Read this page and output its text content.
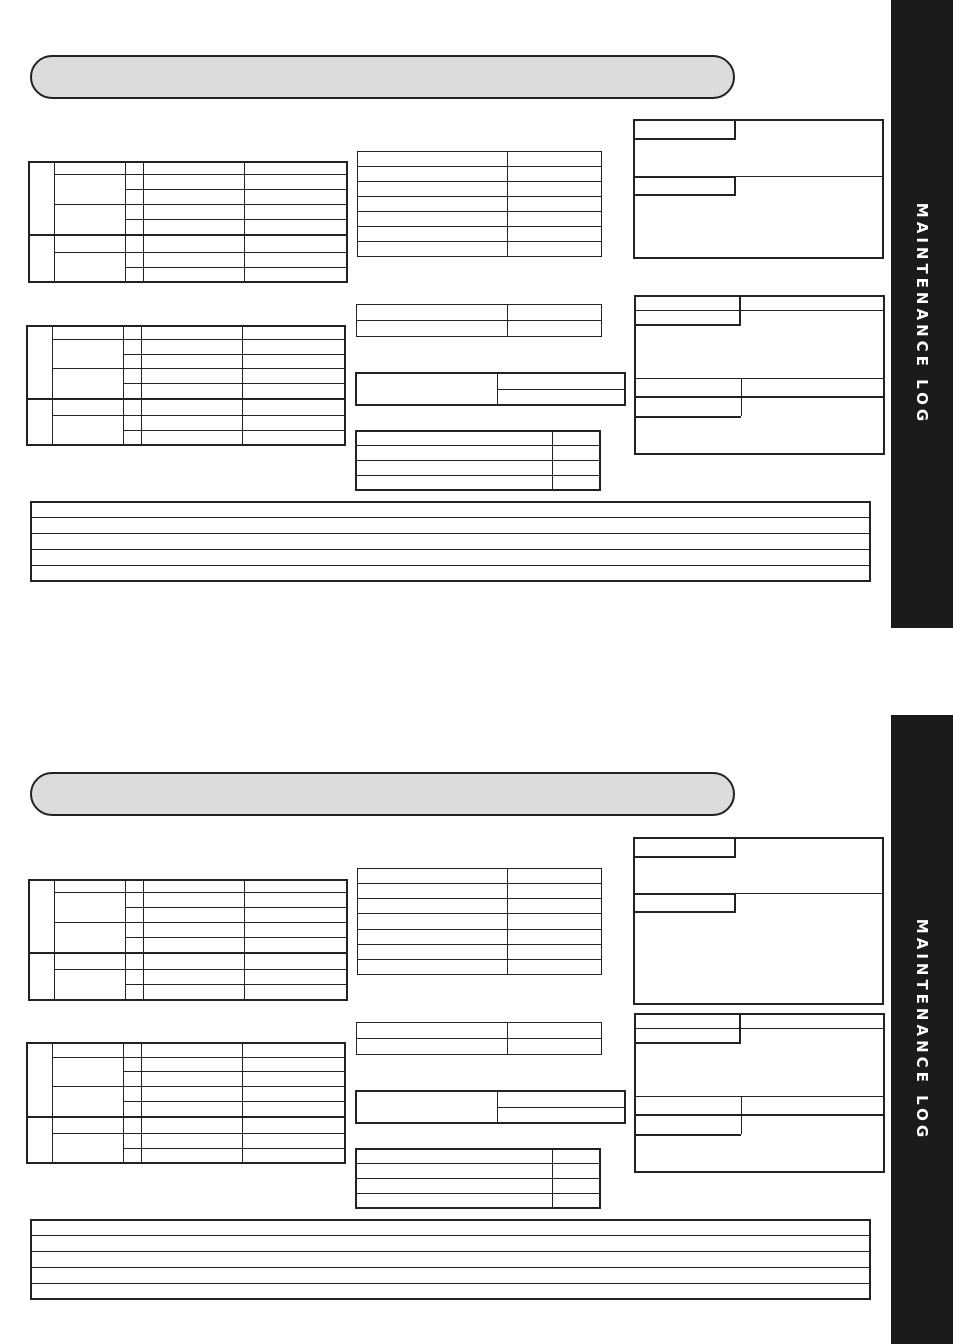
MAINTENANCE LOG
MAINTENANCE LOG
